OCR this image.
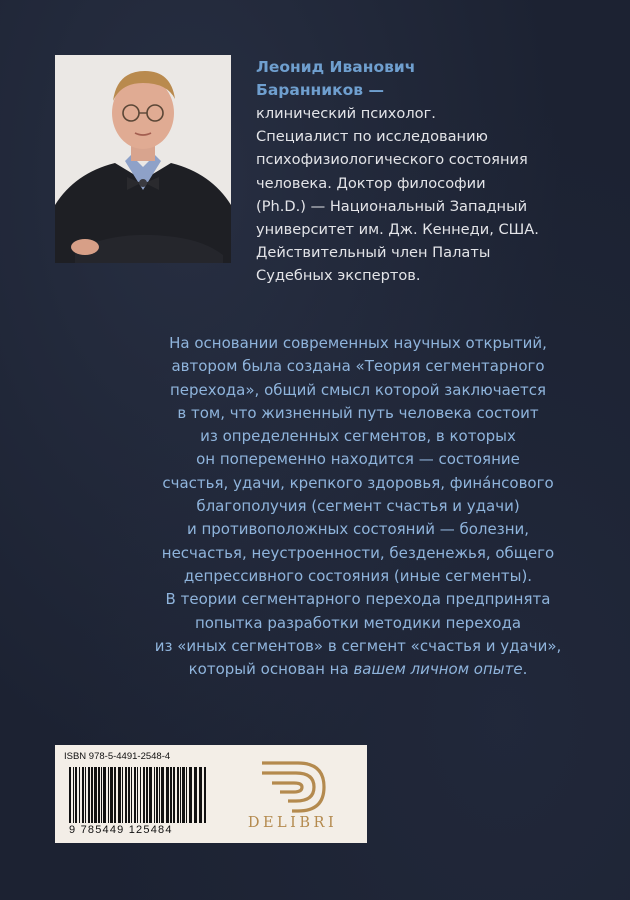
Леонид Иванович

Баранников —

клинический психолог.
Специалист по исследованию
психофизиологического состояния
человека. Доктор философии
(Ph.D.) — Национальный Западный
университет им. Дж. Кеннеди, США.
Действительный член Палаты
Судебных экспертов.

На основании современных научных открытий,
автором была создана «Теория сегментарного
перехода», общий смысл которой заключается
в том, что жизненный путь человека состоит
из определенных сегментов, в которых
он попеременно находится — состояние
счастья, удачи, крепкого здоровья, фина́нсового
благополучия (сегмент счастья и удачи)
и противоположных состояний — болезни,
несчастья, неустроенности, безденежья, общего
депрессивного состояния (иные сегменты).
В теории сегментарного перехода предпринята
попытка разработки методики перехода
из «иных сегментов» в сегмент «счастья и удачи»,
который основан на вашем личном опыте.

ISBN 978-5-4491-2548-4
9 785449 125484	DELIBRI
